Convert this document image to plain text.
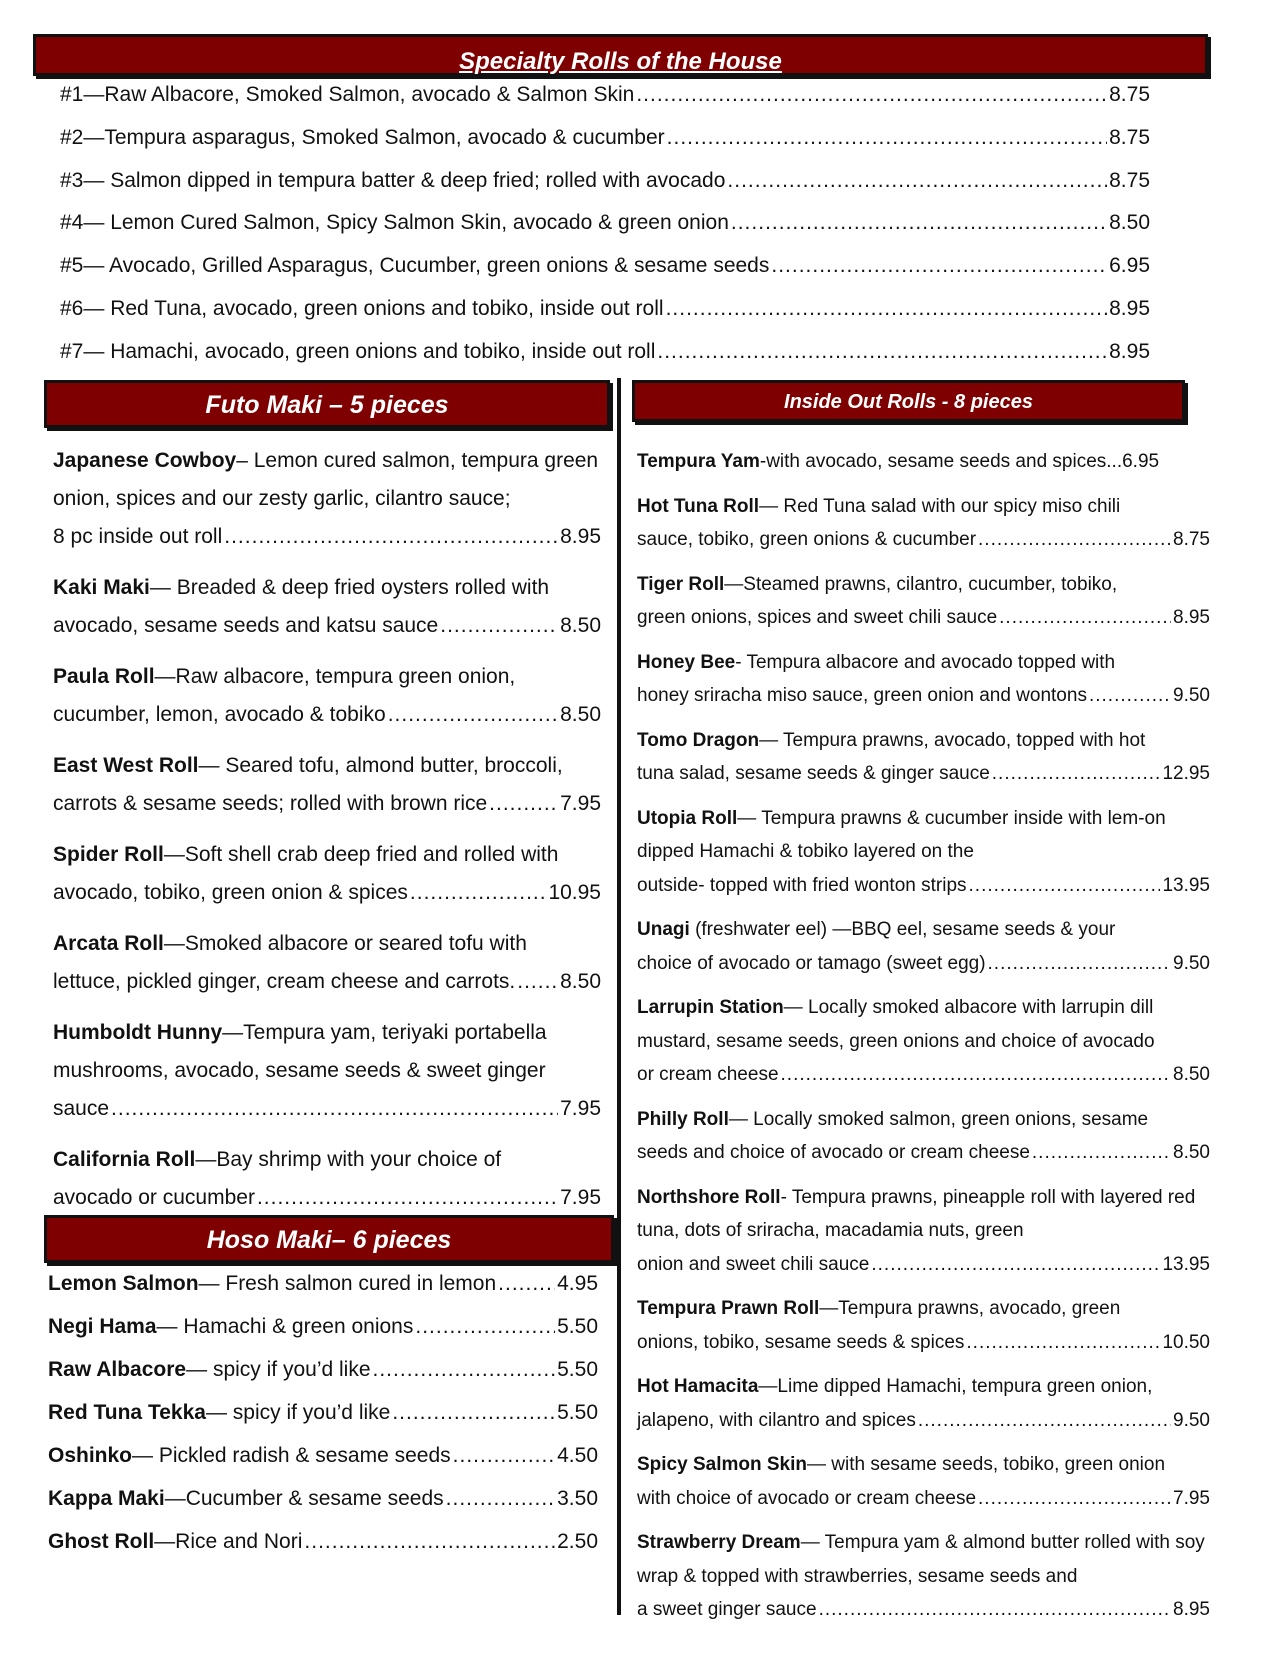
Specialty Rolls of the House
#1—Raw Albacore, Smoked Salmon, avocado & Salmon Skin .....	8.75
#2—Tempura asparagus, Smoked Salmon, avocado & cucumber .....	8.75
#3— Salmon dipped in tempura batter & deep fried; rolled with avocado .....	8.75
#4— Lemon Cured Salmon, Spicy Salmon Skin, avocado & green onion .....	8.50
#5— Avocado, Grilled Asparagus, Cucumber, green onions & sesame seeds .....	6.95
#6— Red Tuna, avocado, green onions and tobiko, inside out roll .....	8.95
#7— Hamachi, avocado, green onions and tobiko, inside out roll .....	8.95
Futo Maki – 5 pieces
Japanese Cowboy– Lemon cured salmon, tempura green onion, spices and our zesty garlic, cilantro sauce;
8 pc inside out roll .....	8.95
Kaki Maki— Breaded & deep fried oysters rolled with
avocado, sesame seeds and katsu sauce .....	8.50
Paula Roll—Raw albacore, tempura green onion,
cucumber, lemon, avocado & tobiko .....	8.50
East West Roll— Seared tofu, almond butter, broccoli,
carrots & sesame seeds; rolled with brown rice .....	7.95
Spider Roll—Soft shell crab deep fried and rolled with
avocado, tobiko, green onion & spices .....	10.95
Arcata Roll—Smoked albacore or seared tofu with
lettuce, pickled ginger, cream cheese and carrots. ..... 8.50
Humboldt Hunny—Tempura yam, teriyaki portabella mushrooms, avocado, sesame seeds & sweet ginger
sauce .....	7.95
California Roll—Bay shrimp with your choice of
avocado or cucumber .....	7.95
Hoso Maki– 6 pieces
Lemon Salmon — Fresh salmon cured in lemon .....	4.95
Negi Hama — Hamachi & green onions .....	5.50
Raw Albacore — spicy if you’d like .....	5.50
Red Tuna Tekka — spicy if you’d like .....	5.50
Oshinko — Pickled radish & sesame seeds .....	4.50
Kappa Maki —Cucumber & sesame seeds .....	3.50
Ghost Roll —Rice and Nori .....	2.50
Inside Out Rolls - 8 pieces
Tempura Yam - with avocado, sesame seeds and spices... 6.95
Hot Tuna Roll— Red Tuna salad with our spicy miso chili
sauce, tobiko, green onions & cucumber .....	8.75
Tiger Roll—Steamed prawns, cilantro, cucumber, tobiko,
green onions, spices and sweet chili sauce .....	8.95
Honey Bee- Tempura albacore and avocado topped with
honey sriracha miso sauce, green onion and wontons .....	9.50
Tomo Dragon— Tempura prawns, avocado, topped with hot
tuna salad, sesame seeds & ginger sauce .....	12.95
Utopia Roll— Tempura prawns & cucumber inside with lem-on dipped Hamachi & tobiko layered on the
outside- topped with fried wonton strips .....	13.95
Unagi (freshwater eel) —BBQ eel, sesame seeds & your
choice of avocado or tamago (sweet egg) .....	9.50
Larrupin Station— Locally smoked albacore with larrupin dill mustard, sesame seeds, green onions and choice of avocado
or cream cheese .....	8.50
Philly Roll— Locally smoked salmon, green onions, sesame
seeds and choice of avocado or cream cheese .....	8.50
Northshore Roll- Tempura prawns, pineapple roll with layered red tuna, dots of sriracha, macadamia nuts, green
onion and sweet chili sauce .....	13.95
Tempura Prawn Roll—Tempura prawns, avocado, green
onions, tobiko, sesame seeds & spices .....	10.50
Hot Hamacita—Lime dipped Hamachi, tempura green onion,
jalapeno, with cilantro and spices .....	9.50
Spicy Salmon Skin— with sesame seeds, tobiko, green onion
with choice of avocado or cream cheese .....	7.95
Strawberry Dream— Tempura yam & almond butter rolled with soy wrap & topped with strawberries, sesame seeds and
a sweet ginger sauce .....	8.95
